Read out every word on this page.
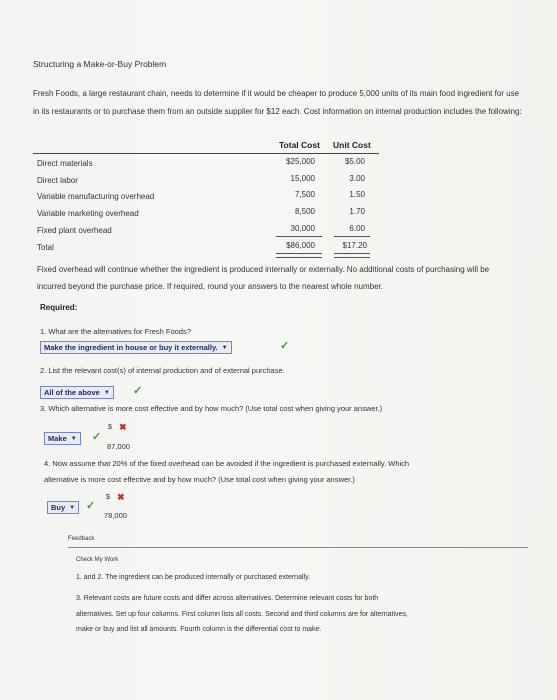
Structuring a Make-or-Buy Problem
Fresh Foods, a large restaurant chain, needs to determine if it would be cheaper to produce 5,000 units of its main food ingredient for use in its restaurants or to purchase them from an outside supplier for $12 each. Cost information on internal production includes the following:
Total Cost Unit Cost
Direct materials	$25,000	$5.00
Direct labor	15,000	3.00
Variable manufacturing overhead	7,500	1.50
Variable marketing overhead	8,500	1.70
Fixed plant overhead	30,000	6.00
Total	$86,000	$17.20
Fixed overhead will continue whether the ingredient is produced internally or externally. No additional costs of purchasing will be incurred beyond the purchase price. If required, round your answers to the nearest whole number.
Required:
1. What are the alternatives for Fresh Foods?
Make the ingredient in house or buy it externally. ▼	✓
2. List the relevant cost(s) of internal production and of external purchase.
All of the above ▼	✓
3. Which alternative is more cost effective and by how much? (Use total cost when giving your answer.)
$ ✖
Make ▼	✓
87,000
4. Now assume that 20% of the fixed overhead can be avoided if the ingredient is purchased externally. Which
alternative is more cost effective and by how much? (Use total cost when giving your answer.)
$ ✖
Buy ▼ ✓
78,000
Feedback
Check My Work
1. and 2. The ingredient can be produced internally or purchased externally.
3. Relevant costs are future costs and differ across alternatives. Determine relevant costs for both
alternatives. Set up four columns. First column lists all costs. Second and third columns are for alternatives,
make or buy and list all amounts. Fourth column is the differential cost to make.
